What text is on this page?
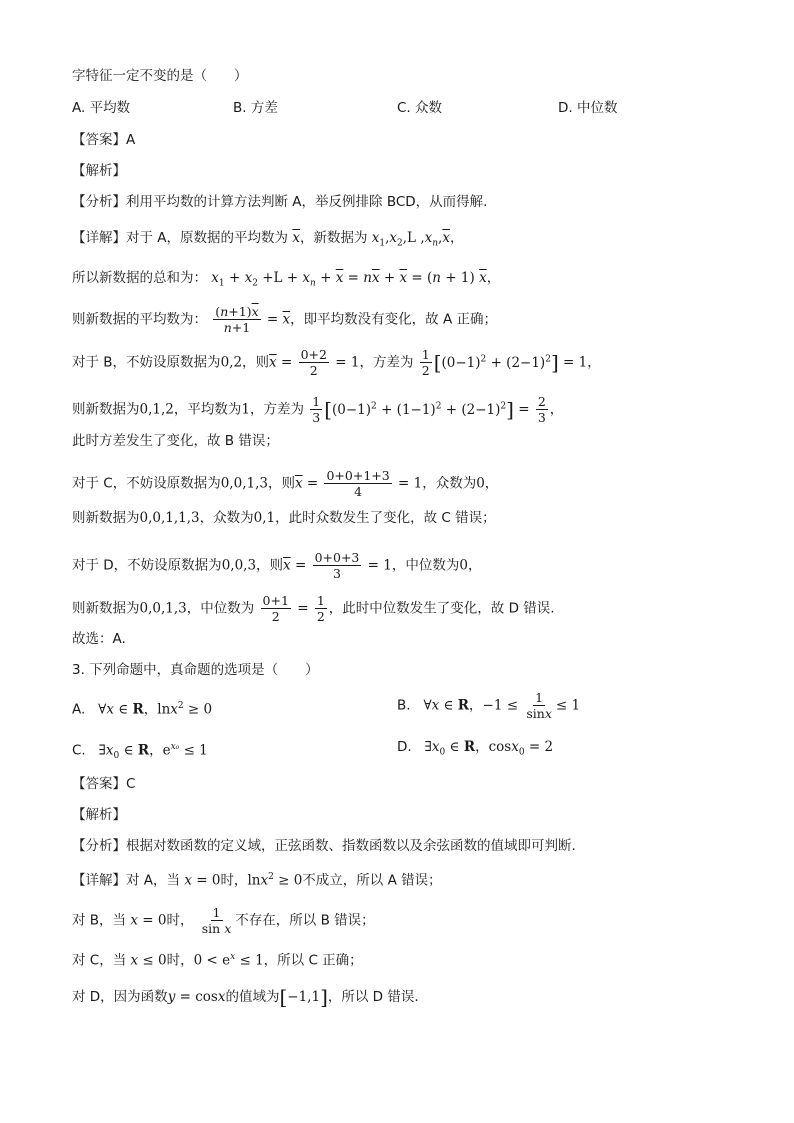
字特征一定不变的是（　　）
A. 平均数	B. 方差	C. 众数	D. 中位数
【答案】A
【解析】
【分析】利用平均数的计算方法判断 A，举反例排除 BCD，从而得解.
【详解】对于 A，原数据的平均数为 $\overline{x}$，新数据为 $x_1,x_2,L$ $,x_n,\overline{x}$，
所以新数据的总和为： $x_1 + x_2 +L + x_n + \overline{x} = n\overline{x} + \overline{x} = (n + 1)$ $\overline{x}$，
则新数据的平均数为： $\frac{(n+1)\overline{x}}{n+1} = \overline{x}$，即平均数没有变化，故 A 正确；
对于 B，不妨设原数据为0,2，则$\overline{x} = \frac{0+2}{2} = 1$，方差为 $\frac{1}{2} [(0-1)^2 + (2-1)^2] = 1$，
则新数据为0,1,2，平均数为1，方差为 $\frac{1}{3} [(0-1)^2 + (1-1)^2 + (2-1)^2] = \frac{2}{3}$ ，
此时方差发生了变化，故 B 错误；
对于 C，不妨设原数据为0,0,1,3，则$\overline{x} = \frac{0+0+1+3}{4} = 1$，众数为0，
则新数据为0,0,1,1,3，众数为0,1，此时众数发生了变化，故 C 错误；
对于 D，不妨设原数据为0,0,3，则$\overline{x} = \frac{0+0+3}{3} = 1$，中位数为0，
则新数据为0,0,1,3，中位数为 $\frac{0+1}{2} = \frac{1}{2}$ ，此时中位数发生了变化，故 D 错误.
故选：A.
3. 下列命题中，真命题的选项是（　　）
A. ∀x ∈ R，lnx$^2$ ≥ 0	B. ∀x ∈ R，$-1 \le \frac{1}{\sin x} \le 1$
C. $\exists x_0$ ∈ R，$e^{x_0} \le 1$	D. $\exists x_0$ ∈ R，cosx$_0$ = 2
【答案】C
【解析】
【分析】根据对数函数的定义域，正弦函数、指数函数以及余弦函数的值域即可判断.
【详解】对 A，当 x = 0时，lnx$^2$ ≥ 0不成立，所以 A 错误；
对 B，当 x = 0时， $\frac{1}{\text{sin x}}$ 不存在，所以 B 错误；
对 C，当 x ≤ 0时，$0 < e^x \le 1$，所以 C 正确；
对 D，因为函数y = cosx的值域为[−1,1]，所以 D 错误.
